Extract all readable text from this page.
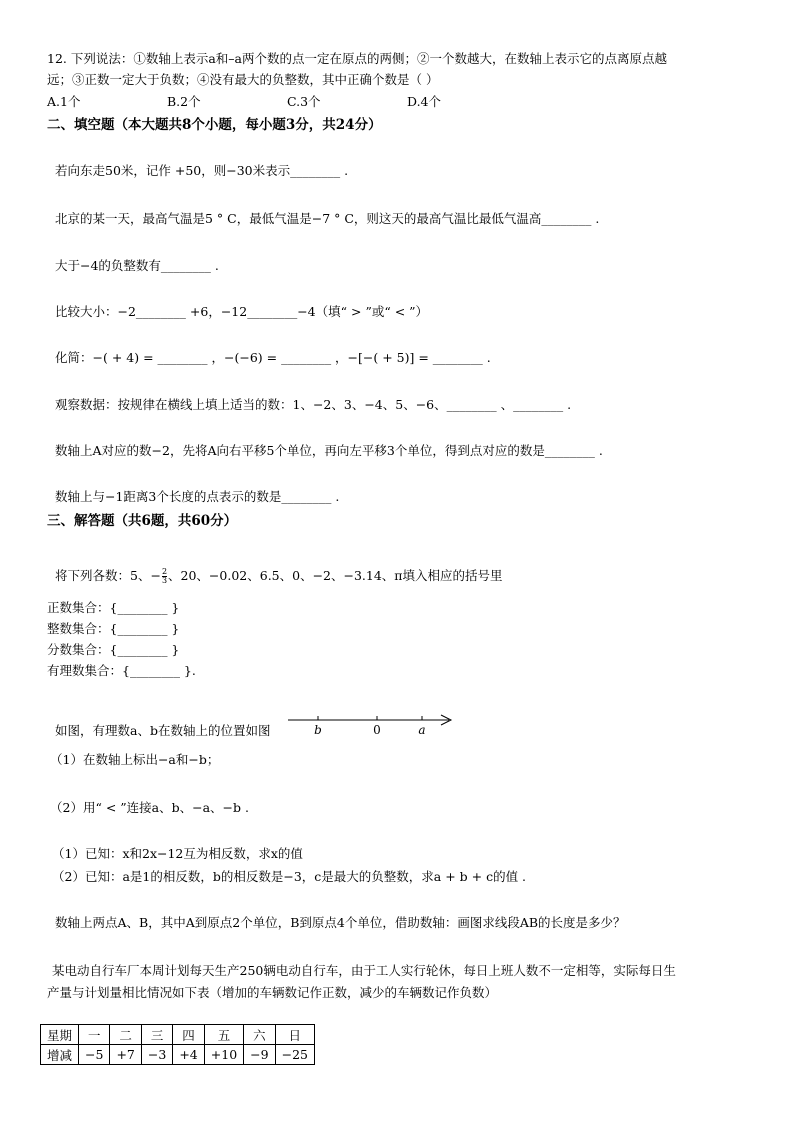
12. 下列说法：①数轴上表示a和–a两个数的点一定在原点的两侧；②一个数越大，在数轴上表示它的点离原点越
远；③正数一定大于负数；④没有最大的负整数，其中正确个数是（ ）
A.1个	B.2个	C.3个	D.4个
二、填空题（本大题共8个小题，每小题3分，共24分）
若向东走50米，记作 +50，则−30米表示________ .
北京的某一天，最高气温是5 ° C，最低气温是−7 ° C，则这天的最高气温比最低气温高________ .
大于−4的负整数有________ .
比较大小：−2________ +6，−12________−4（填“ > ”或“ < ”）
化简：−( + 4) = ________ ，−(−6) = ________ ，−[−( + 5)] = ________ .
观察数据：按规律在横线上填上适当的数：1、−2、3、−4、5、−6、________ 、________ .
数轴上A对应的数−2，先将A向右平移5个单位，再向左平移3个单位，得到点对应的数是________ .
数轴上与−1距离3个长度的点表示的数是________ .
三、解答题（共6题，共60分）
将下列各数：5、− $\frac{2}{3}$ 、20、−0.02、6.5、0、−2、−3.14、π填入相应的括号里
正数集合：{________ }
整数集合：{________ }
分数集合：{________ }
有理数集合：{________ }.
如图，有理数a、b在数轴上的位置如图	b	0	a
（1）在数轴上标出−a和−b；
（2）用“ < ”连接a、b、−a、−b .
（1）已知：x和2x−12互为相反数，求x的值
（2）已知：a是1的相反数，b的相反数是−3，c是最大的负整数，求a + b + c的值 .
数轴上两点A、B，其中A到原点2个单位，B到原点4个单位，借助数轴：画图求线段AB的长度是多少？
某电动自行车厂本周计划每天生产250辆电动自行车，由于工人实行轮休，每日上班人数不一定相等，实际每日生
产量与计划量相比情况如下表（增加的车辆数记作正数，减少的车辆数记作负数）
星期	一	二	三	四	五	六	日
增减	−5	+7	−3	+4	+10	−9	−25
